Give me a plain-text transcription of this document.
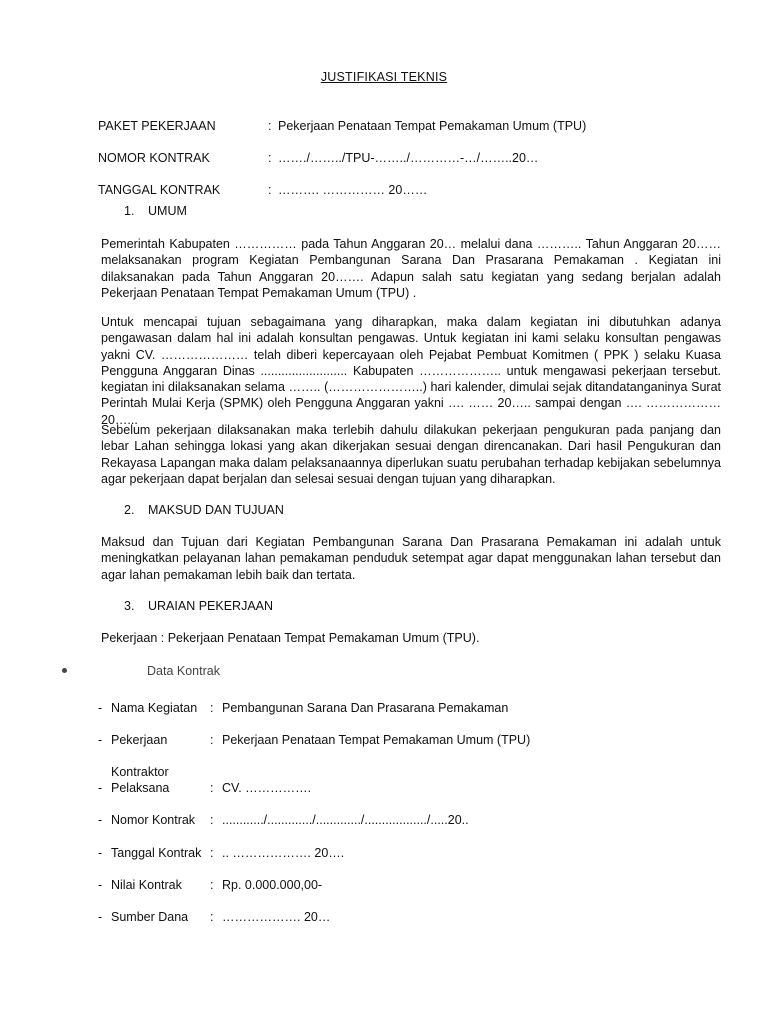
JUSTIFIKASI TEKNIS
PAKET PEKERJAAN	: Pekerjaan Penataan Tempat Pemakaman Umum (TPU)
NOMOR KONTRAK	: ……./……../TPU-……../…………-…/……..20…
TANGGAL KONTRAK	: ………. …………… 20……
1. UMUM
Pemerintah Kabupaten …………… pada Tahun Anggaran 20… melalui dana ……….. Tahun Anggaran 20…… melaksanakan program Kegiatan Pembangunan Sarana Dan Prasarana Pemakaman . Kegiatan ini dilaksanakan pada Tahun Anggaran 20……. Adapun salah satu kegiatan yang sedang berjalan adalah Pekerjaan Penataan Tempat Pemakaman Umum (TPU) .
Untuk mencapai tujuan sebagaimana yang diharapkan, maka dalam kegiatan ini dibutuhkan adanya pengawasan dalam hal ini adalah konsultan pengawas. Untuk kegiatan ini kami selaku konsultan pengawas yakni CV. ………………… telah diberi kepercayaan oleh Pejabat Pembuat Komitmen ( PPK ) selaku Kuasa Pengguna Anggaran Dinas ......................... Kabupaten ……………….. untuk mengawasi pekerjaan tersebut. kegiatan ini dilaksanakan selama …….. (…………………..) hari kalender, dimulai sejak ditandatanganinya Surat Perintah Mulai Kerja (SPMK) oleh Pengguna Anggaran yakni …. …… 20….. sampai dengan …. ……………… 20…...
Sebelum pekerjaan dilaksanakan maka terlebih dahulu dilakukan pekerjaan pengukuran pada panjang dan lebar Lahan sehingga lokasi yang akan dikerjakan sesuai dengan direncanakan. Dari hasil Pengukuran dan Rekayasa Lapangan maka dalam pelaksanaannya diperlukan suatu perubahan terhadap kebijakan sebelumnya agar pekerjaan dapat berjalan dan selesai sesuai dengan tujuan yang diharapkan.
2. MAKSUD DAN TUJUAN
Maksud dan Tujuan dari Kegiatan Pembangunan Sarana Dan Prasarana Pemakaman ini adalah untuk meningkatkan pelayanan lahan pemakaman penduduk setempat agar dapat menggunakan lahan tersebut dan agar lahan pemakaman lebih baik dan tertata.
3. URAIAN PEKERJAAN
Pekerjaan : Pekerjaan Penataan Tempat Pemakaman Umum (TPU).
Data Kontrak
- Nama Kegiatan : Pembangunan Sarana Dan Prasarana Pemakaman
- Pekerjaan	: Pekerjaan Penataan Tempat Pemakaman Umum (TPU)
Kontraktor
- Pelaksana	: CV. …………….
- Nomor Kontrak : ............/............./............./................../.....20..
- Tanggal Kontrak : .. ………………. 20….
- Nilai Kontrak : Rp. 0.000.000,00-
- Sumber Dana : ………………. 20…
